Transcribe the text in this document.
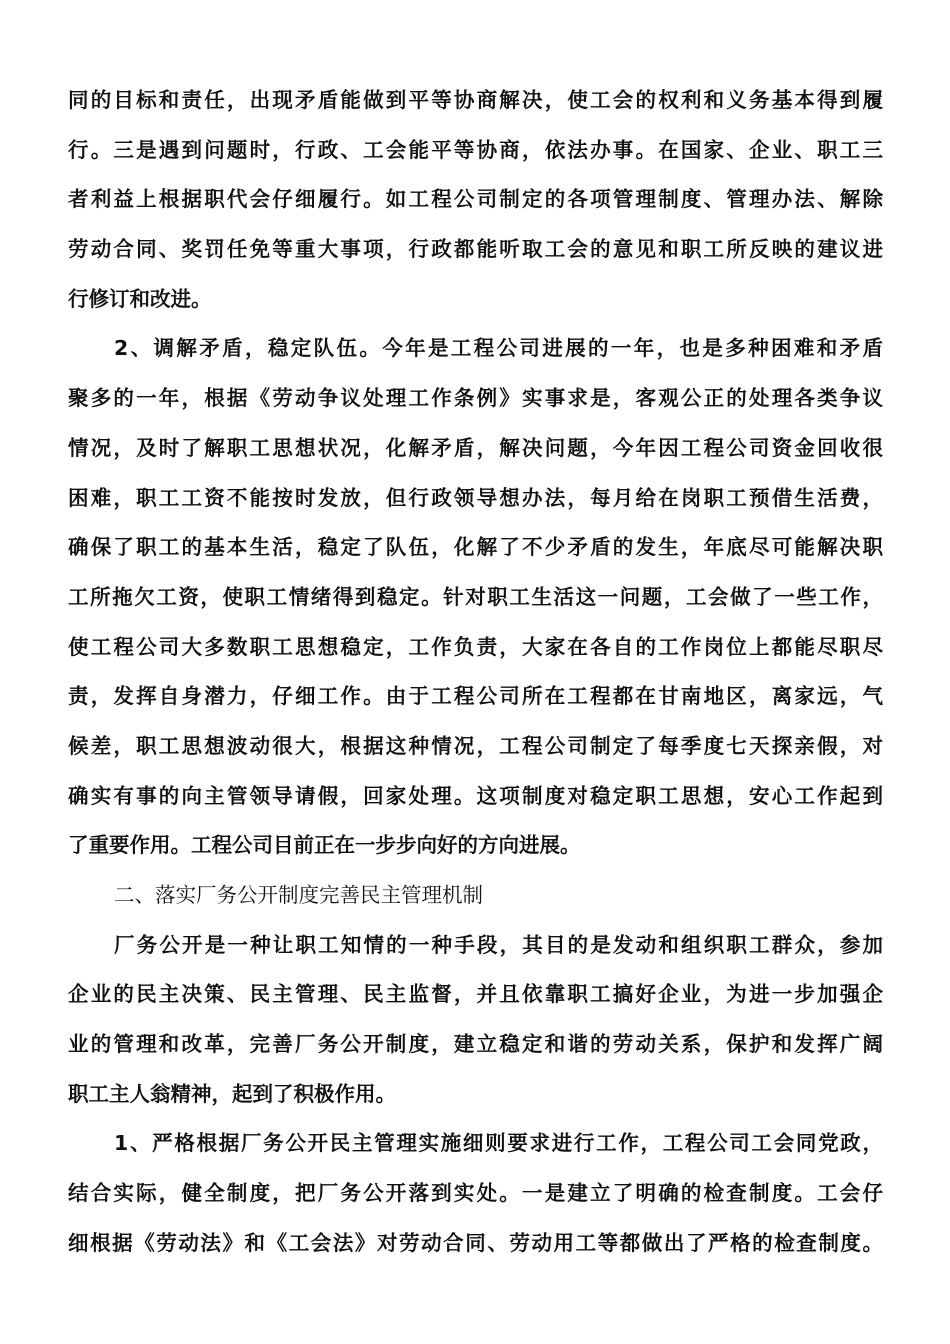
同的目标和责任，出现矛盾能做到平等协商解决，使工会的权利和义务基本得到履
行。三是遇到问题时，行政、工会能平等协商，依法办事。在国家、企业、职工三
者利益上根据职代会仔细履行。如工程公司制定的各项管理制度、管理办法、解除
劳动合同、奖罚任免等重大事项，行政都能听取工会的意见和职工所反映的建议进
行修订和改进。
2、调解矛盾，稳定队伍。今年是工程公司进展的一年，也是多种困难和矛盾
聚多的一年，根据《劳动争议处理工作条例》实事求是，客观公正的处理各类争议
情况，及时了解职工思想状况，化解矛盾，解决问题，今年因工程公司资金回收很
困难，职工工资不能按时发放，但行政领导想办法，每月给在岗职工预借生活费，
确保了职工的基本生活，稳定了队伍，化解了不少矛盾的发生，年底尽可能解决职
工所拖欠工资，使职工情绪得到稳定。针对职工生活这一问题，工会做了一些工作，
使工程公司大多数职工思想稳定，工作负责，大家在各自的工作岗位上都能尽职尽
责，发挥自身潜力，仔细工作。由于工程公司所在工程都在甘南地区，离家远，气
候差，职工思想波动很大，根据这种情况，工程公司制定了每季度七天探亲假，对
确实有事的向主管领导请假，回家处理。这项制度对稳定职工思想，安心工作起到
了重要作用。工程公司目前正在一步步向好的方向进展。
二、落实厂务公开制度完善民主管理机制
厂务公开是一种让职工知情的一种手段，其目的是发动和组织职工群众，参加
企业的民主决策、民主管理、民主监督，并且依靠职工搞好企业，为进一步加强企
业的管理和改革，完善厂务公开制度，建立稳定和谐的劳动关系，保护和发挥广阔
职工主人翁精神，起到了积极作用。
1、严格根据厂务公开民主管理实施细则要求进行工作，工程公司工会同党政，
结合实际，健全制度，把厂务公开落到实处。一是建立了明确的检查制度。工会仔
细根据《劳动法》和《工会法》对劳动合同、劳动用工等都做出了严格的检查制度。
